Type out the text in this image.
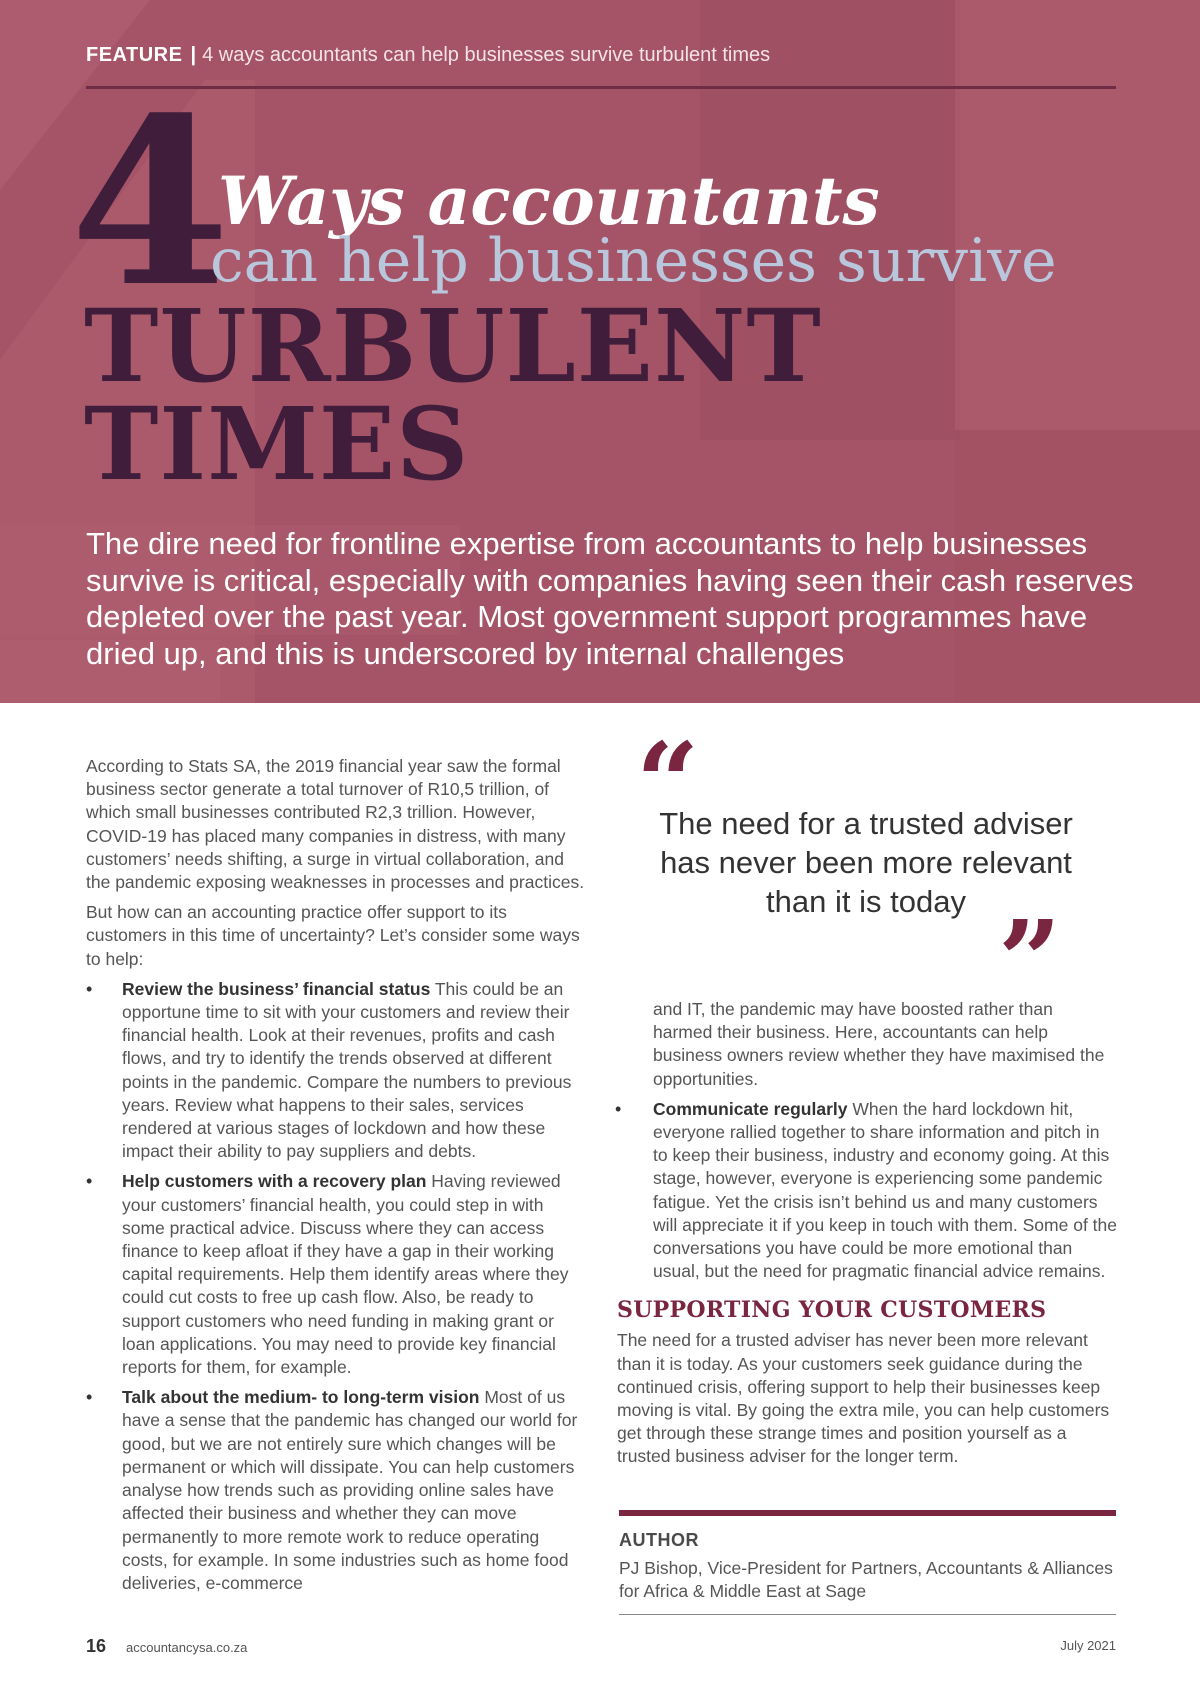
FEATURE | 4 ways accountants can help businesses survive turbulent times
4
Ways accountants
can help businesses survive
TURBULENT
TIMES

The dire need for frontline expertise from accountants to help businesses survive is critical, especially with companies having seen their cash reserves depleted over the past year. Most government support programmes have dried up, and this is underscored by internal challenges

According to Stats SA, the 2019 financial year saw the formal business sector generate a total turnover of R10,5 trillion, of which small businesses contributed R2,3 trillion. However, COVID-19 has placed many companies in distress, with many customers’ needs shifting, a surge in virtual collaboration, and the pandemic exposing weaknesses in processes and practices.

But how can an accounting practice offer support to its customers in this time of uncertainty? Let’s consider some ways to help:

• Review the business’ financial status This could be an opportune time to sit with your customers and review their financial health. Look at their revenues, profits and cash flows, and try to identify the trends observed at different points in the pandemic. Compare the numbers to previous years. Review what happens to their sales, services rendered at various stages of lockdown and how these impact their ability to pay suppliers and debts.
• Help customers with a recovery plan Having reviewed your customers’ financial health, you could step in with some practical advice. Discuss where they can access finance to keep afloat if they have a gap in their working capital requirements. Help them identify areas where they could cut costs to free up cash flow. Also, be ready to support customers who need funding in making grant or loan applications. You may need to provide key financial reports for them, for example.
• Talk about the medium- to long-term vision Most of us have a sense that the pandemic has changed our world for good, but we are not entirely sure which changes will be permanent or which will dissipate. You can help customers analyse how trends such as providing online sales have affected their business and whether they can move permanently to more remote work to reduce operating costs, for example. In some industries such as home food deliveries, e-commerce
“
The need for a trusted adviser has never been more relevant than it is today ”

and IT, the pandemic may have boosted rather than harmed their business. Here, accountants can help business owners review whether they have maximised the opportunities.

• Communicate regularly When the hard lockdown hit, everyone rallied together to share information and pitch in to keep their business, industry and economy going. At this stage, however, everyone is experiencing some pandemic fatigue. Yet the crisis isn’t behind us and many customers will appreciate it if you keep in touch with them. Some of the conversations you have could be more emotional than usual, but the need for pragmatic financial advice remains.
SUPPORTING YOUR CUSTOMERS

The need for a trusted adviser has never been more relevant than it is today. As your customers seek guidance during the continued crisis, offering support to help their businesses keep moving is vital. By going the extra mile, you can help customers get through these strange times and position yourself as a trusted business adviser for the longer term.

AUTHOR
PJ Bishop, Vice-President for Partners, Accountants & Alliances for Africa & Middle East at Sage
16 accountancysa.co.za	July 2021
